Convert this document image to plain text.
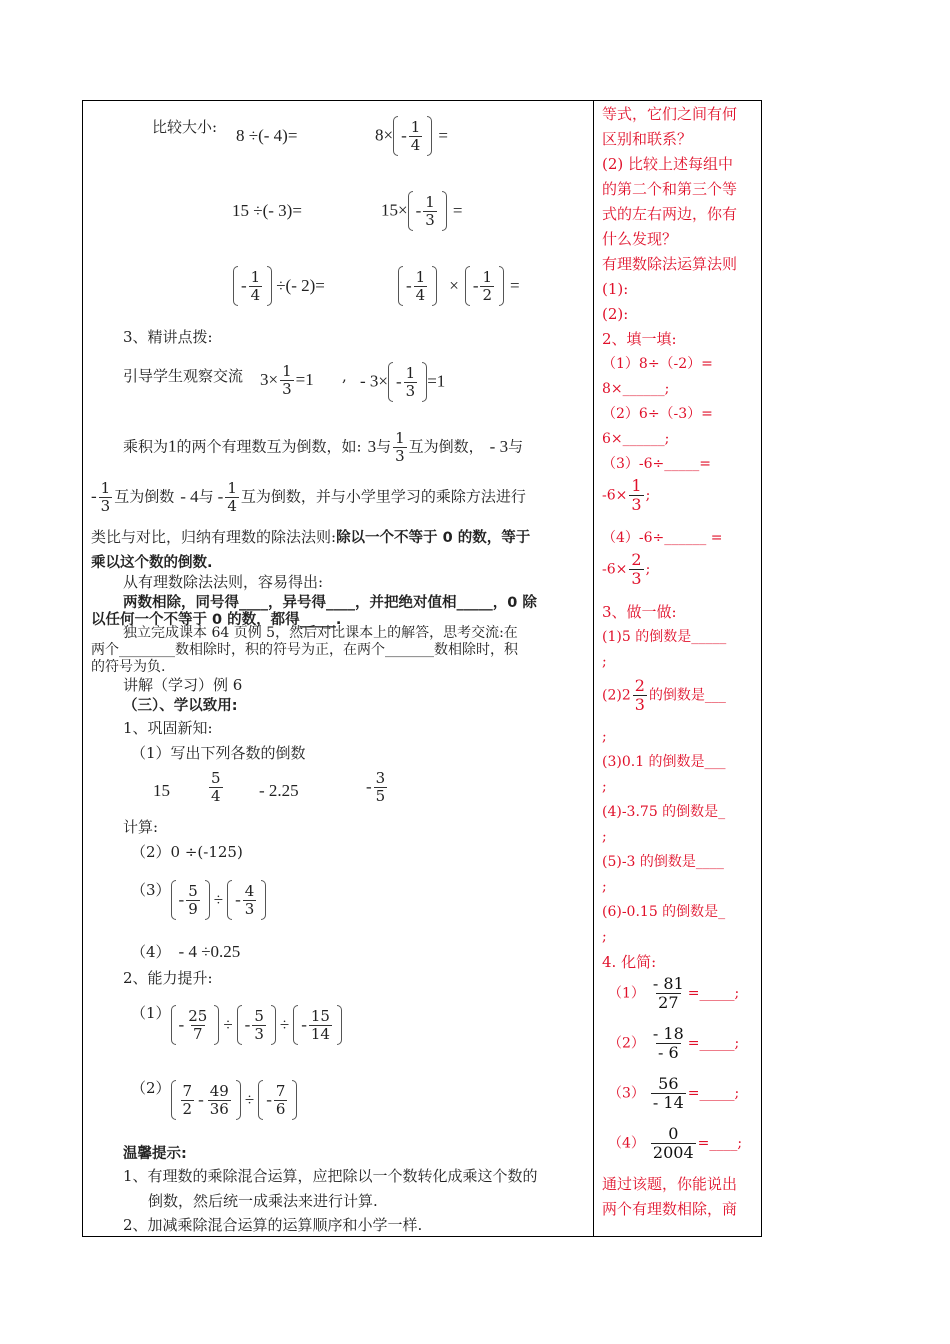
比较大小: 8 ÷(- 4)=	$8\times - \frac{1}{4}$ =
15 ÷(- 3)=	$15\times - \frac{1}{3}$ =
- $\frac{1}{4}$ ÷(- 2)=	- $\frac{1}{4}$ × - $\frac{1}{2}$ =
3、精讲点拨:
引导学生观察交流 $3\times \frac{1}{3} =1$ , - $3\times - \frac{1}{3} =1$
乘积为1的两个有理数互为倒数，如: 3与 $\frac{1}{3}$ 互为倒数， - 3与
- $\frac{1}{3}$ 互为倒数 - 4与 - $\frac{1}{4}$ 互为倒数，并与小学里学习的乘除方法进行
类比与对比，归纳有理数的除法法则:除以一个不等于 0 的数，等于
乘以这个数的倒数.
从有理数除法法则，容易得出:
两数相除，同号得____，异号得____，并把绝对值相_____，0 除
以任何一个不等于 0 的数，都得_____.
独立完成课本 64 页例 5，然后对比课本上的解答，思考交流:在
两个________数相除时，积的符号为正，在两个_______数相除时，积
的符号为负.
讲解（学习）例 6
（三）、学以致用:
1、巩固新知:
（1）写出下列各数的倒数
15	$\frac{5}{4} - 2.25$	- $\frac{3}{5}$
计算:
（2）0 ÷(-125)
（3）
- $\frac{5}{9}$ ÷ - $\frac{4}{3}$
（4） - 4 ÷0.25
2、能力提升:
（1）
- $\frac{25}{7}$ ÷ - $\frac{5}{3}$ ÷ - $\frac{15}{14}$
$(2) \frac{7}{2} - \frac{49}{36}$ ÷ - $\frac{7}{6}$
温馨提示:
1、有理数的乘除混合运算，应把除以一个数转化成乘这个数的
倒数，然后统一成乘法来进行计算.
2、加减乘除混合运算的运算顺序和小学一样.
等式，它们之间有何
区别和联系？
(2) 比较上述每组中
的第二个和第三个等
式的左右两边，你有
什么发现？
有理数除法运算法则
(1):
(2):
2、填一填:
（1）8÷（-2）=
8×______;
（2）6÷（-3）=
6×______;
（3）-6÷_____=
$-6\times \frac{1}{3}$ ;
（4）-6÷______ =
$-6\times \frac{2}{3}$ ;
3、做一做:
(1)5 的倒数是_____
;
$(2)2 \frac{2}{3}$ 的倒数是___
;
(3)0.1 的倒数是___
;
(4)-3.75 的倒数是_
;
(5)-3 的倒数是____
;
(6)-0.15 的倒数是_
;
4. 化简:
$(1) \frac{- 81}{27}$ =_____;
$(2) \frac{- 18}{- 6}$ =_____;
$(3) \frac{56}{- 14}$ =_____;
$(4) \frac{0}{2004}$ =____;
通过该题，你能说出
两个有理数相除，商
